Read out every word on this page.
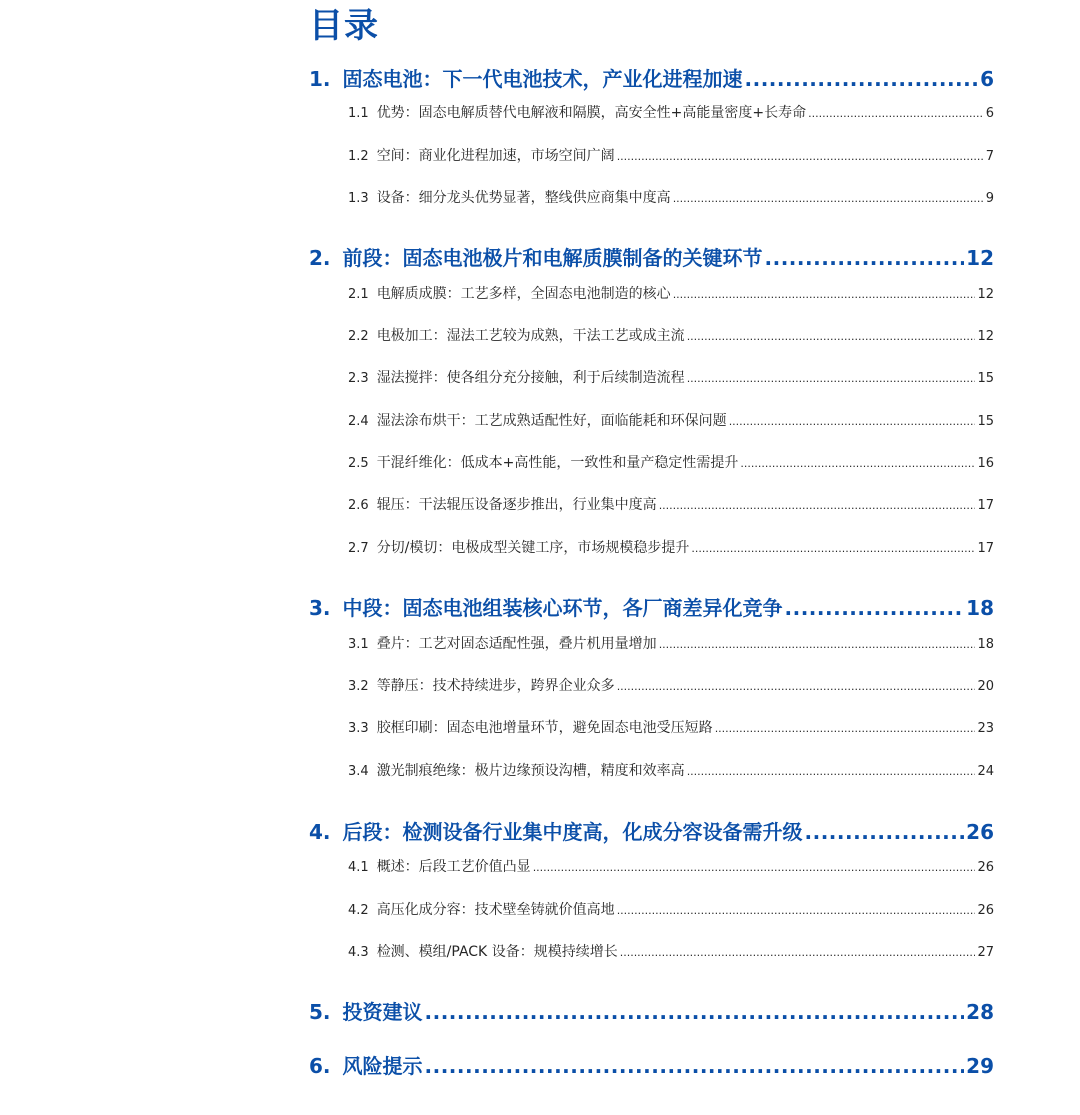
目录
1. 固态电池：下一代电池技术，产业化进程加速 .....	6
1.1 优势：固态电解质替代电解液和隔膜，高安全性+高能量密度+长寿命 .....	6
1.2 空间：商业化进程加速，市场空间广阔 .....	7
1.3 设备：细分龙头优势显著，整线供应商集中度高 .....	9
2. 前段：固态电池极片和电解质膜制备的关键环节 .....	12
2.1 电解质成膜：工艺多样，全固态电池制造的核心 .....	12
2.2 电极加工：湿法工艺较为成熟，干法工艺或成主流 .....	12
2.3 湿法搅拌：使各组分充分接触，利于后续制造流程 .....	15
2.4 湿法涂布烘干：工艺成熟适配性好，面临能耗和环保问题 .....	15
2.5 干混纤维化：低成本+高性能，一致性和量产稳定性需提升 .....	16
2.6 辊压：干法辊压设备逐步推出，行业集中度高 .....	17
2.7 分切/模切：电极成型关键工序，市场规模稳步提升 .....	17
3. 中段：固态电池组装核心环节，各厂商差异化竞争 .....	18
3.1 叠片：工艺对固态适配性强，叠片机用量增加 .....	18
3.2 等静压：技术持续进步，跨界企业众多 .....	20
3.3 胶框印刷：固态电池增量环节，避免固态电池受压短路 .....	23
3.4 激光制痕绝缘：极片边缘预设沟槽，精度和效率高 .....	24
4. 后段：检测设备行业集中度高，化成分容设备需升级 .....	26
4.1 概述：后段工艺价值凸显 .....	26
4.2 高压化成分容：技术壁垒铸就价值高地 .....	26
4.3 检测、模组/PACK 设备：规模持续增长 .....	27
5. 投资建议 .....	28
6. 风险提示 .....	29
